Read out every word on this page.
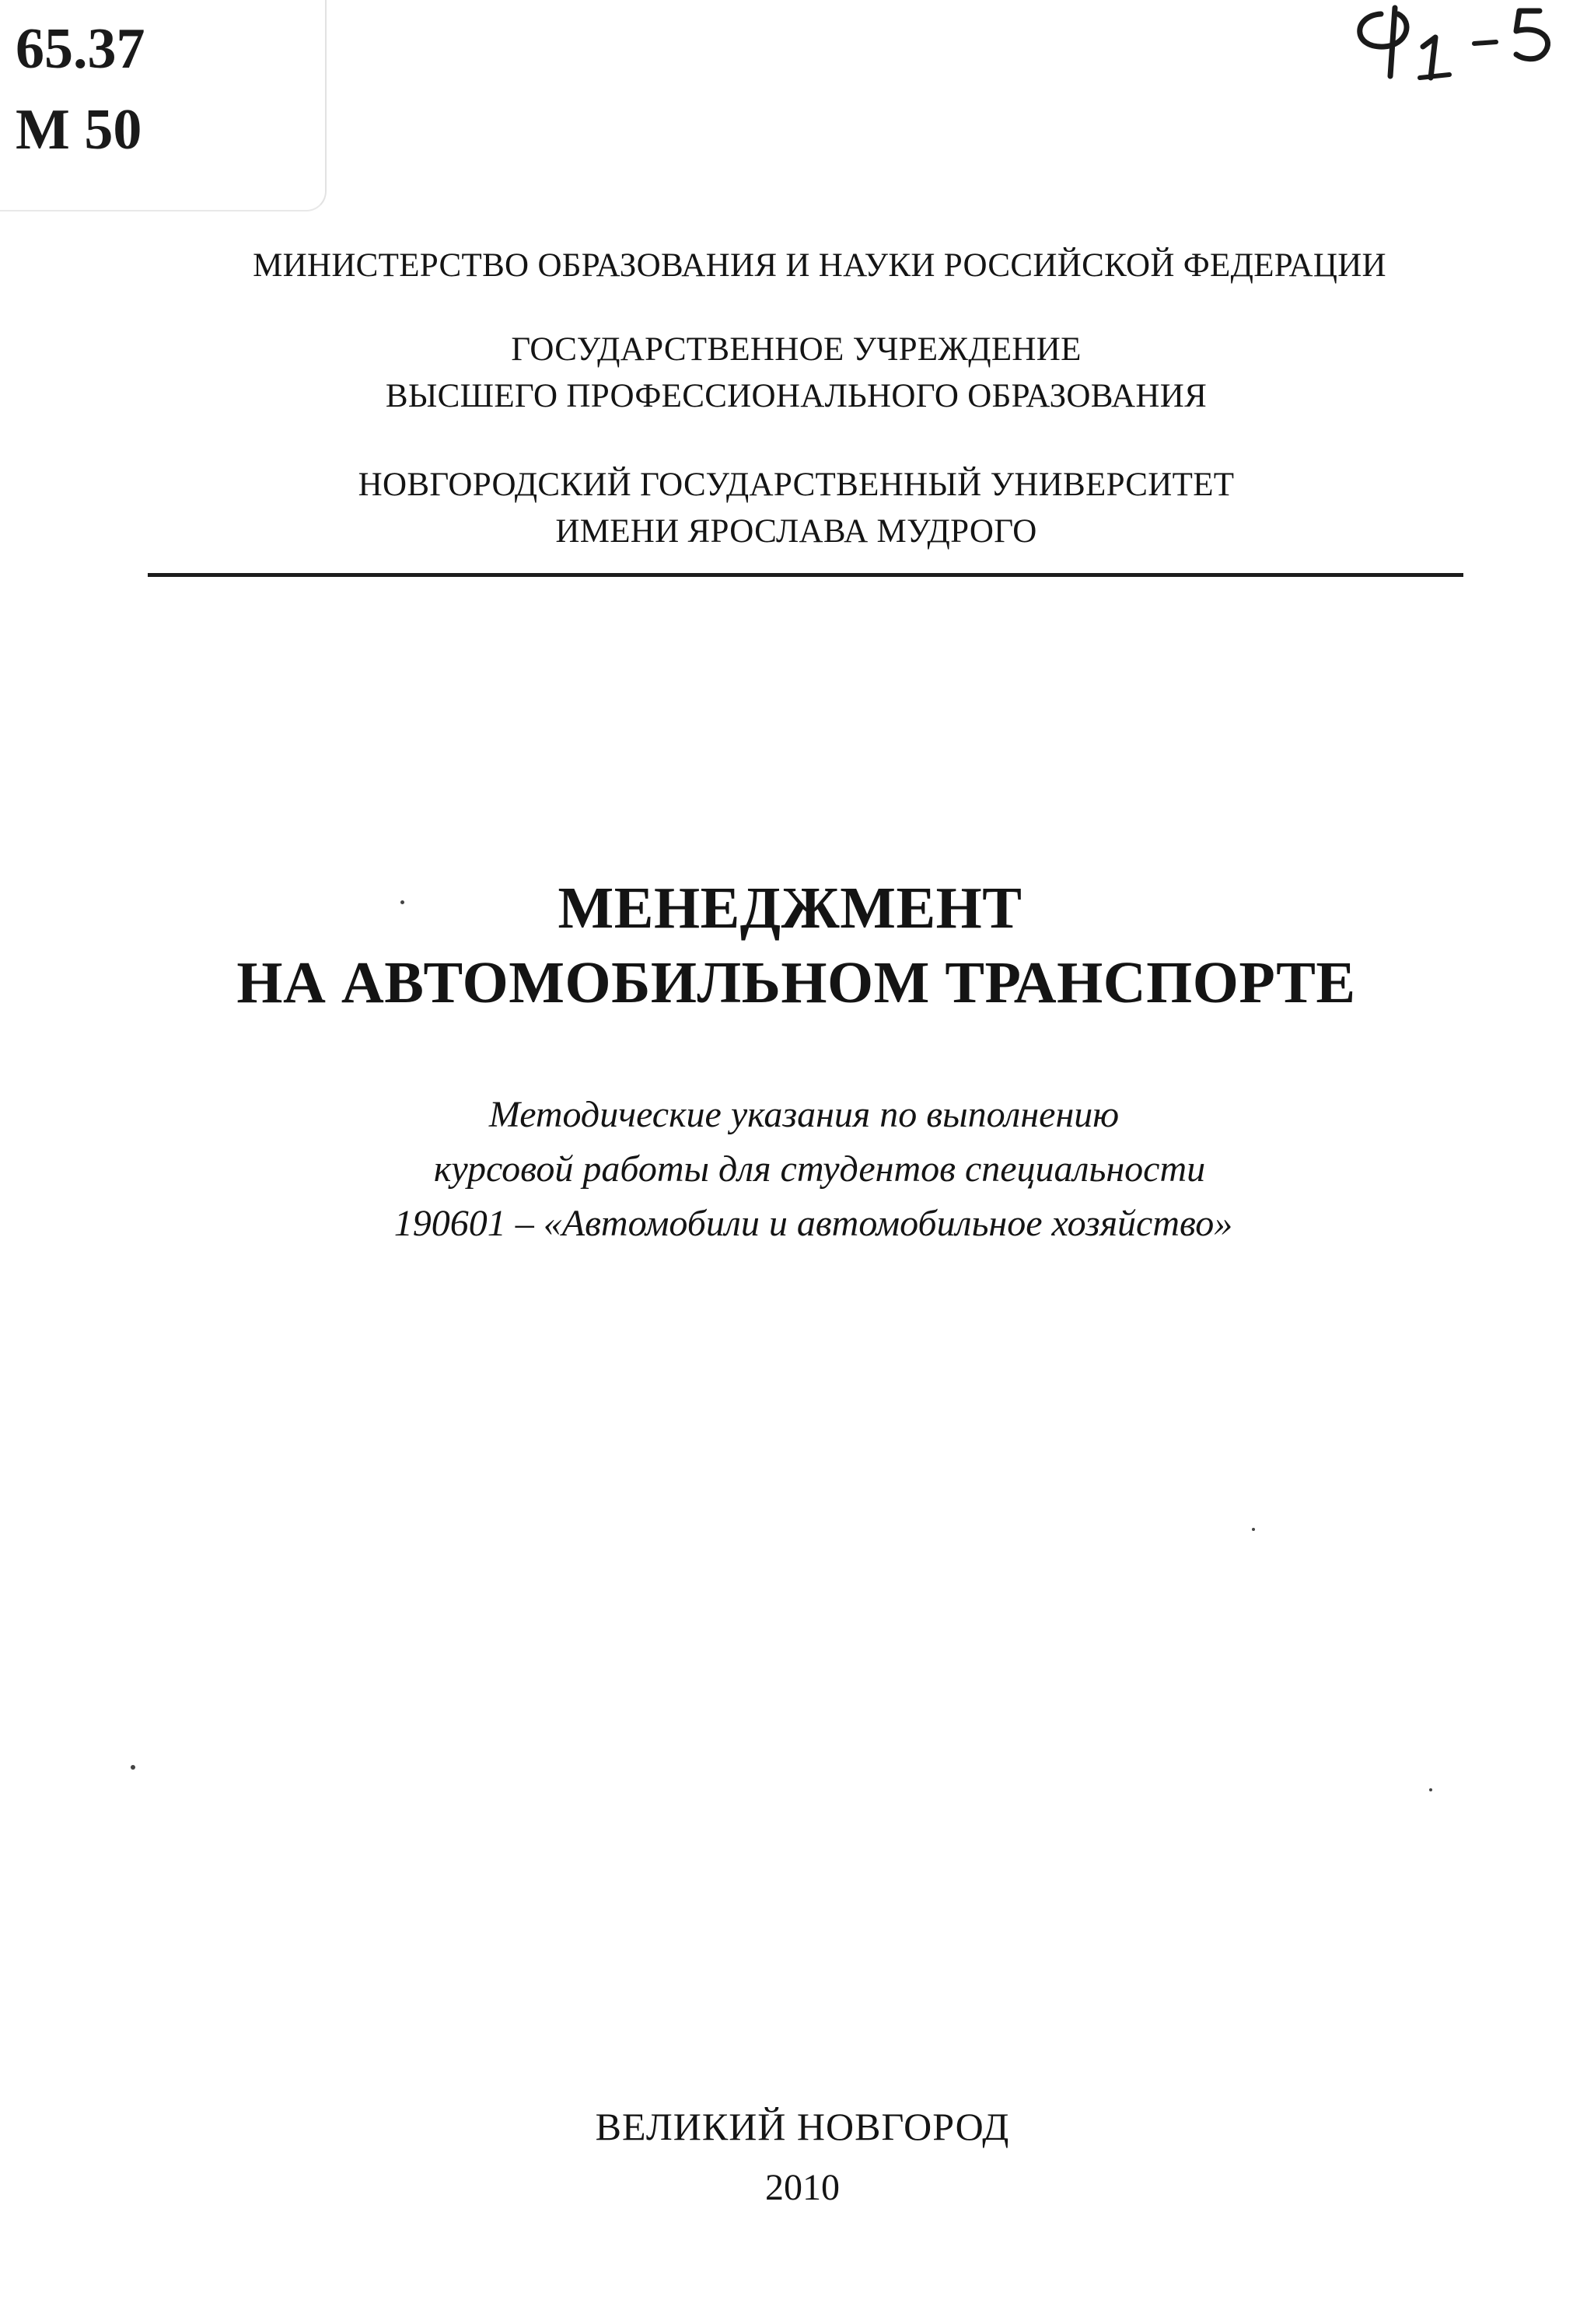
65.37
М 50
МИНИСТЕРСТВО ОБРАЗОВАНИЯ И НАУКИ РОССИЙСКОЙ ФЕДЕРАЦИИ
ГОСУДАРСТВЕННОЕ УЧРЕЖДЕНИЕ
ВЫСШЕГО ПРОФЕССИОНАЛЬНОГО ОБРАЗОВАНИЯ
НОВГОРОДСКИЙ ГОСУДАРСТВЕННЫЙ УНИВЕРСИТЕТ
ИМЕНИ ЯРОСЛАВА МУДРОГО
МЕНЕДЖМЕНТ
НА АВТОМОБИЛЬНОМ ТРАНСПОРТЕ
Методические указания по выполнению
курсовой работы для студентов специальности
190601 – «Автомобили и автомобильное хозяйство»
ВЕЛИКИЙ НОВГОРОД
2010
